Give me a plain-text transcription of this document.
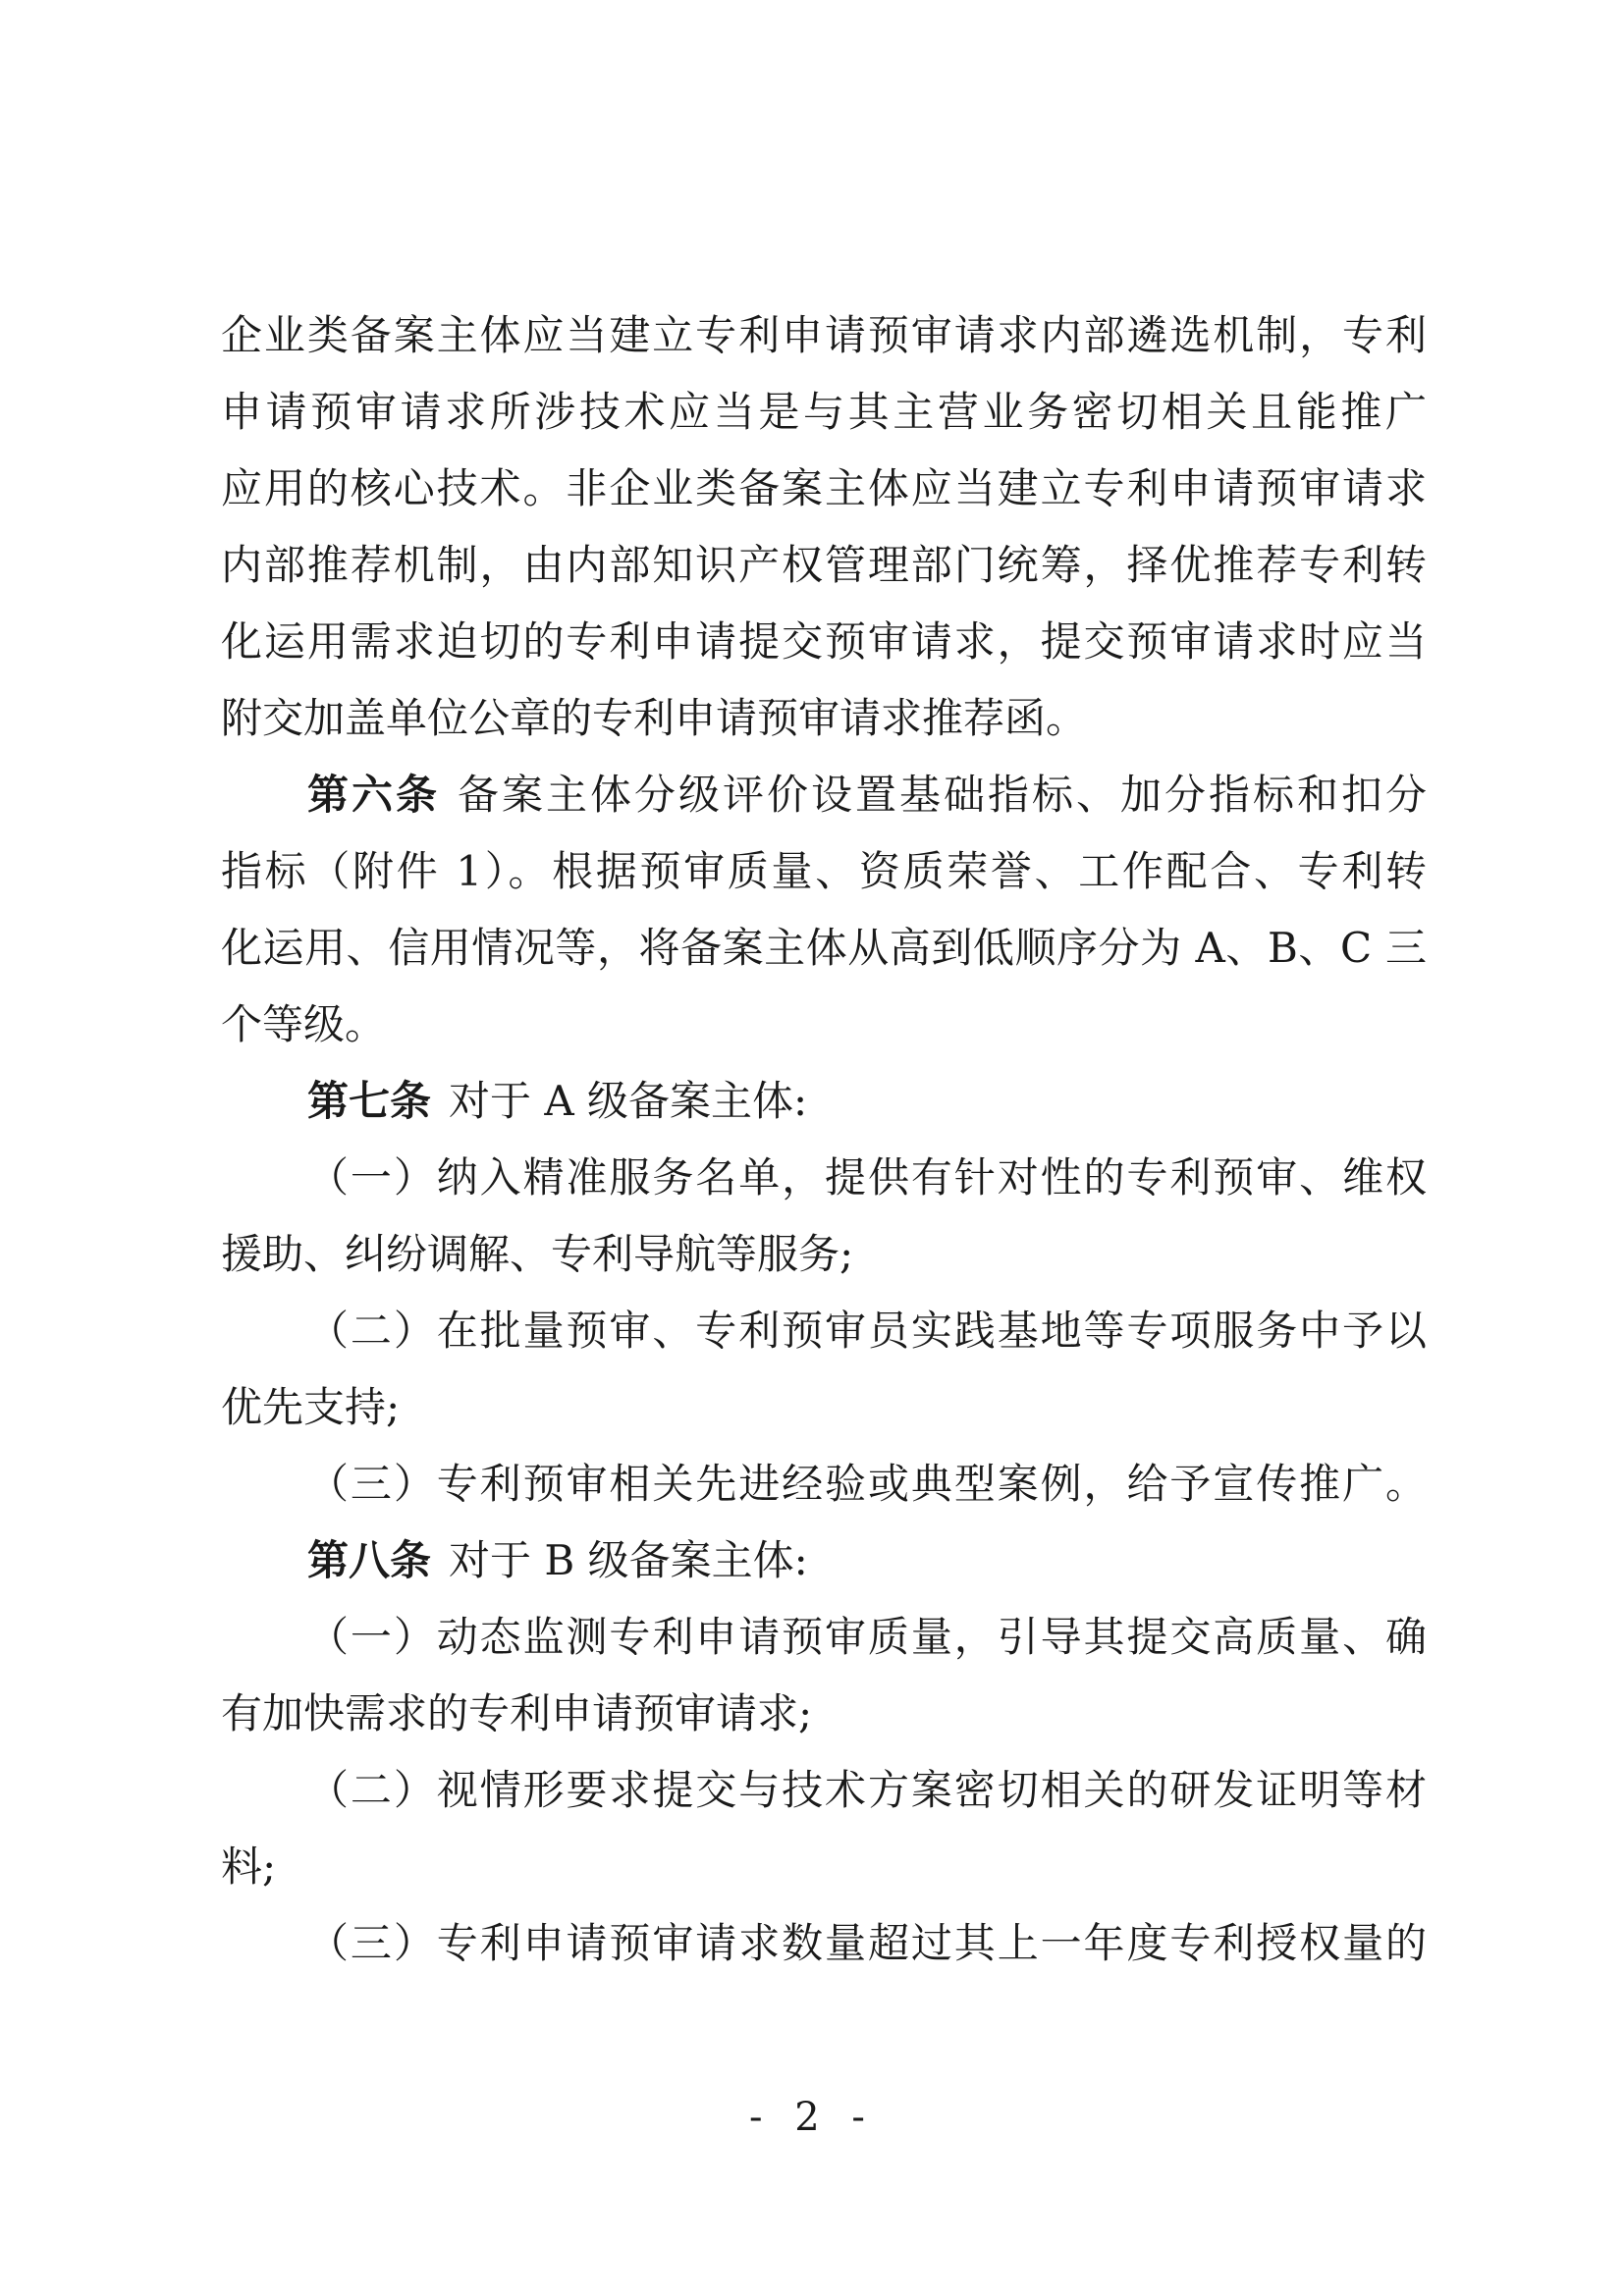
企业类备案主体应当建立专利申请预审请求内部遴选机制，专利
申请预审请求所涉技术应当是与其主营业务密切相关且能推广
应用的核心技术。非企业类备案主体应当建立专利申请预审请求
内部推荐机制，由内部知识产权管理部门统筹，择优推荐专利转
化运用需求迫切的专利申请提交预审请求，提交预审请求时应当
附交加盖单位公章的专利申请预审请求推荐函。
第六条 备案主体分级评价设置基础指标、加分指标和扣分
指标（附件 1）。根据预审质量、资质荣誉、工作配合、专利转
化运用、信用情况等，将备案主体从高到低顺序分为 A、B、C 三
个等级。
第七条 对于 A 级备案主体:
（一）纳入精准服务名单，提供有针对性的专利预审、维权
援助、纠纷调解、专利导航等服务;
（二）在批量预审、专利预审员实践基地等专项服务中予以
优先支持;
（三）专利预审相关先进经验或典型案例，给予宣传推广。
第八条 对于 B 级备案主体:
（一）动态监测专利申请预审质量，引导其提交高质量、确
有加快需求的专利申请预审请求;
（二）视情形要求提交与技术方案密切相关的研发证明等材
料;
（三）专利申请预审请求数量超过其上一年度专利授权量的
- 2 -
